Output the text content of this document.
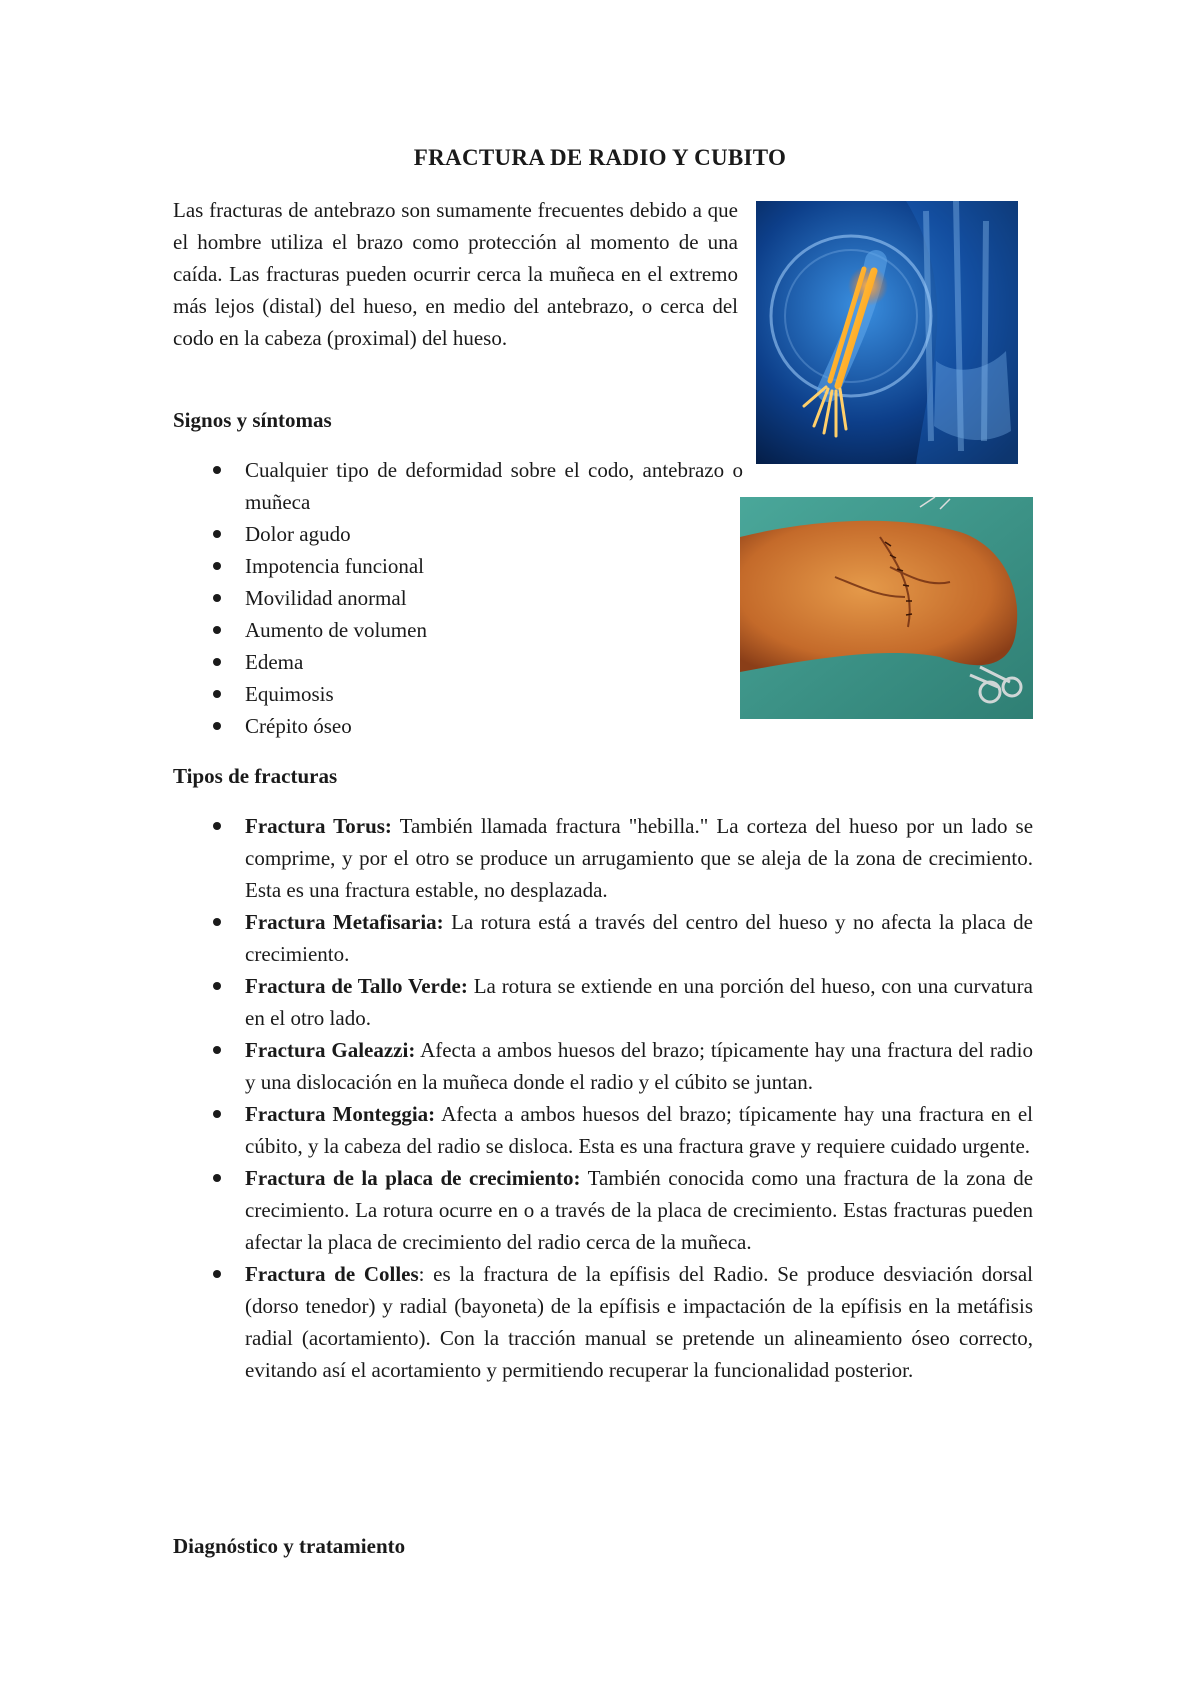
FRACTURA DE RADIO Y CUBITO

Las fracturas de antebrazo son sumamente frecuentes debido a que el hombre utiliza el brazo como protección al momento de una caída. Las fracturas pueden ocurrir cerca la muñeca en el extremo más lejos (distal) del hueso, en medio del antebrazo, o cerca del codo en la cabeza (proximal) del hueso.

Signos y síntomas
Cualquier tipo de deformidad sobre el codo, antebrazo o muñeca
Dolor agudo
Impotencia funcional
Movilidad anormal
Aumento de volumen
Edema
Equimosis
Crépito óseo
Tipos de fracturas
Fractura Torus: También llamada fractura "hebilla." La corteza del hueso por un lado se comprime, y por el otro se produce un arrugamiento que se aleja de la zona de crecimiento. Esta es una fractura estable, no desplazada.
Fractura Metafisaria: La rotura está a través del centro del hueso y no afecta la placa de crecimiento.
Fractura de Tallo Verde: La rotura se extiende en una porción del hueso, con una curvatura en el otro lado.
Fractura Galeazzi: Afecta a ambos huesos del brazo; típicamente hay una fractura del radio y una dislocación en la muñeca donde el radio y el cúbito se juntan.
Fractura Monteggia: Afecta a ambos huesos del brazo; típicamente hay una fractura en el cúbito, y la cabeza del radio se disloca. Esta es una fractura grave y requiere cuidado urgente.
Fractura de la placa de crecimiento: También conocida como una fractura de la zona de crecimiento. La rotura ocurre en o a través de la placa de crecimiento. Estas fracturas pueden afectar la placa de crecimiento del radio cerca de la muñeca.
Fractura de Colles: es la fractura de la epífisis del Radio. Se produce desviación dorsal (dorso tenedor) y radial (bayoneta) de la epífisis e impactación de la epífisis en la metáfisis radial (acortamiento). Con la tracción manual se pretende un alineamiento óseo correcto, evitando así el acortamiento y permitiendo recuperar la funcionalidad posterior.
Diagnóstico y tratamiento
